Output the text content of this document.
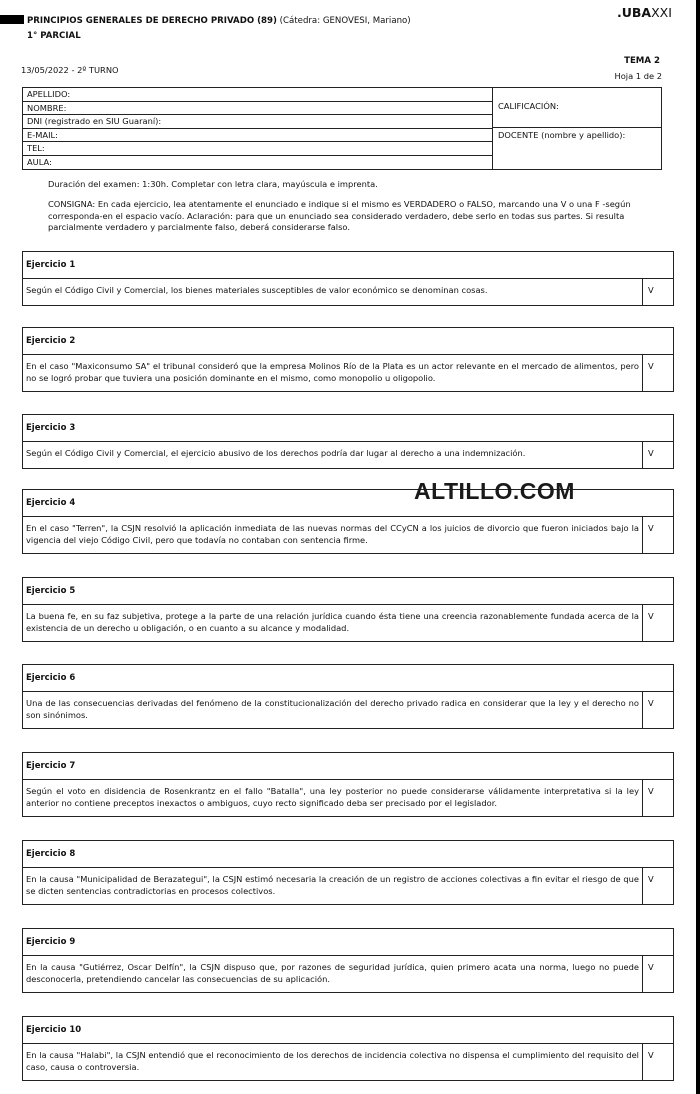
PRINCIPIOS GENERALES DE DERECHO PRIVADO (89) (Cátedra: GENOVESI, Mariano)
1° PARCIAL
.UBAXXI
13/05/2022 - 2º TURNO
TEMA 2
Hoja 1 de 2
APELLIDO:
NOMBRE:
DNI (registrado en SIU Guaraní):
E-MAIL:
TEL:
AULA:
CALIFICACIÓN:
DOCENTE (nombre y apellido):
Duración del examen: 1:30h. Completar con letra clara, mayúscula e imprenta.
CONSIGNA: En cada ejercicio, lea atentamente el enunciado e indique si el mismo es VERDADERO o FALSO, marcando una V o una F -según corresponda-en el espacio vacío. Aclaración: para que un enunciado sea considerado verdadero, debe serlo en todas sus partes. Si resulta parcialmente verdadero y parcialmente falso, deberá considerarse falso.
Ejercicio 1
Según el Código Civil y Comercial, los bienes materiales susceptibles de valor económico se denominan cosas.	V
Ejercicio 2
En el caso "Maxiconsumo SA" el tribunal consideró que la empresa Molinos Río de la Plata es un actor relevante en el mercado de alimentos, pero no se logró probar que tuviera una posición dominante en el mismo, como monopolio u oligopolio.
V
Ejercicio 3
Según el Código Civil y Comercial, el ejercicio abusivo de los derechos podría dar lugar al derecho a una indemnización.	V
Ejercicio 4
En el caso "Terren", la CSJN resolvió la aplicación inmediata de las nuevas normas del CCyCN a los juicios de divorcio que fueron iniciados bajo la vigencia del viejo Código Civil, pero que todavía no contaban con sentencia firme.
V
Ejercicio 5
La buena fe, en su faz subjetiva, protege a la parte de una relación jurídica cuando ésta tiene una creencia razonablemente fundada acerca de la existencia de un derecho u obligación, o en cuanto a su alcance y modalidad.
V
Ejercicio 6
Una de las consecuencias derivadas del fenómeno de la constitucionalización del derecho privado radica en considerar que la ley y el derecho no son sinónimos.
V
Ejercicio 7
Según el voto en disidencia de Rosenkrantz en el fallo "Batalla", una ley posterior no puede considerarse válidamente interpretativa si la ley anterior no contiene preceptos inexactos o ambiguos, cuyo recto significado deba ser precisado por el legislador.
V
Ejercicio 8
En la causa "Municipalidad de Berazategui", la CSJN estimó necesaria la creación de un registro de acciones colectivas a fin evitar el riesgo de que se dicten sentencias contradictorias en procesos colectivos.
V
Ejercicio 9
En la causa "Gutiérrez, Oscar Delfín", la CSJN dispuso que, por razones de seguridad jurídica, quien primero acata una norma, luego no puede desconocerla, pretendiendo cancelar las consecuencias de su aplicación.
V
Ejercicio 10
En la causa "Halabi", la CSJN entendió que el reconocimiento de los derechos de incidencia colectiva no dispensa el cumplimiento del requisito del caso, causa o controversia.
V
ALTILLO.COM
